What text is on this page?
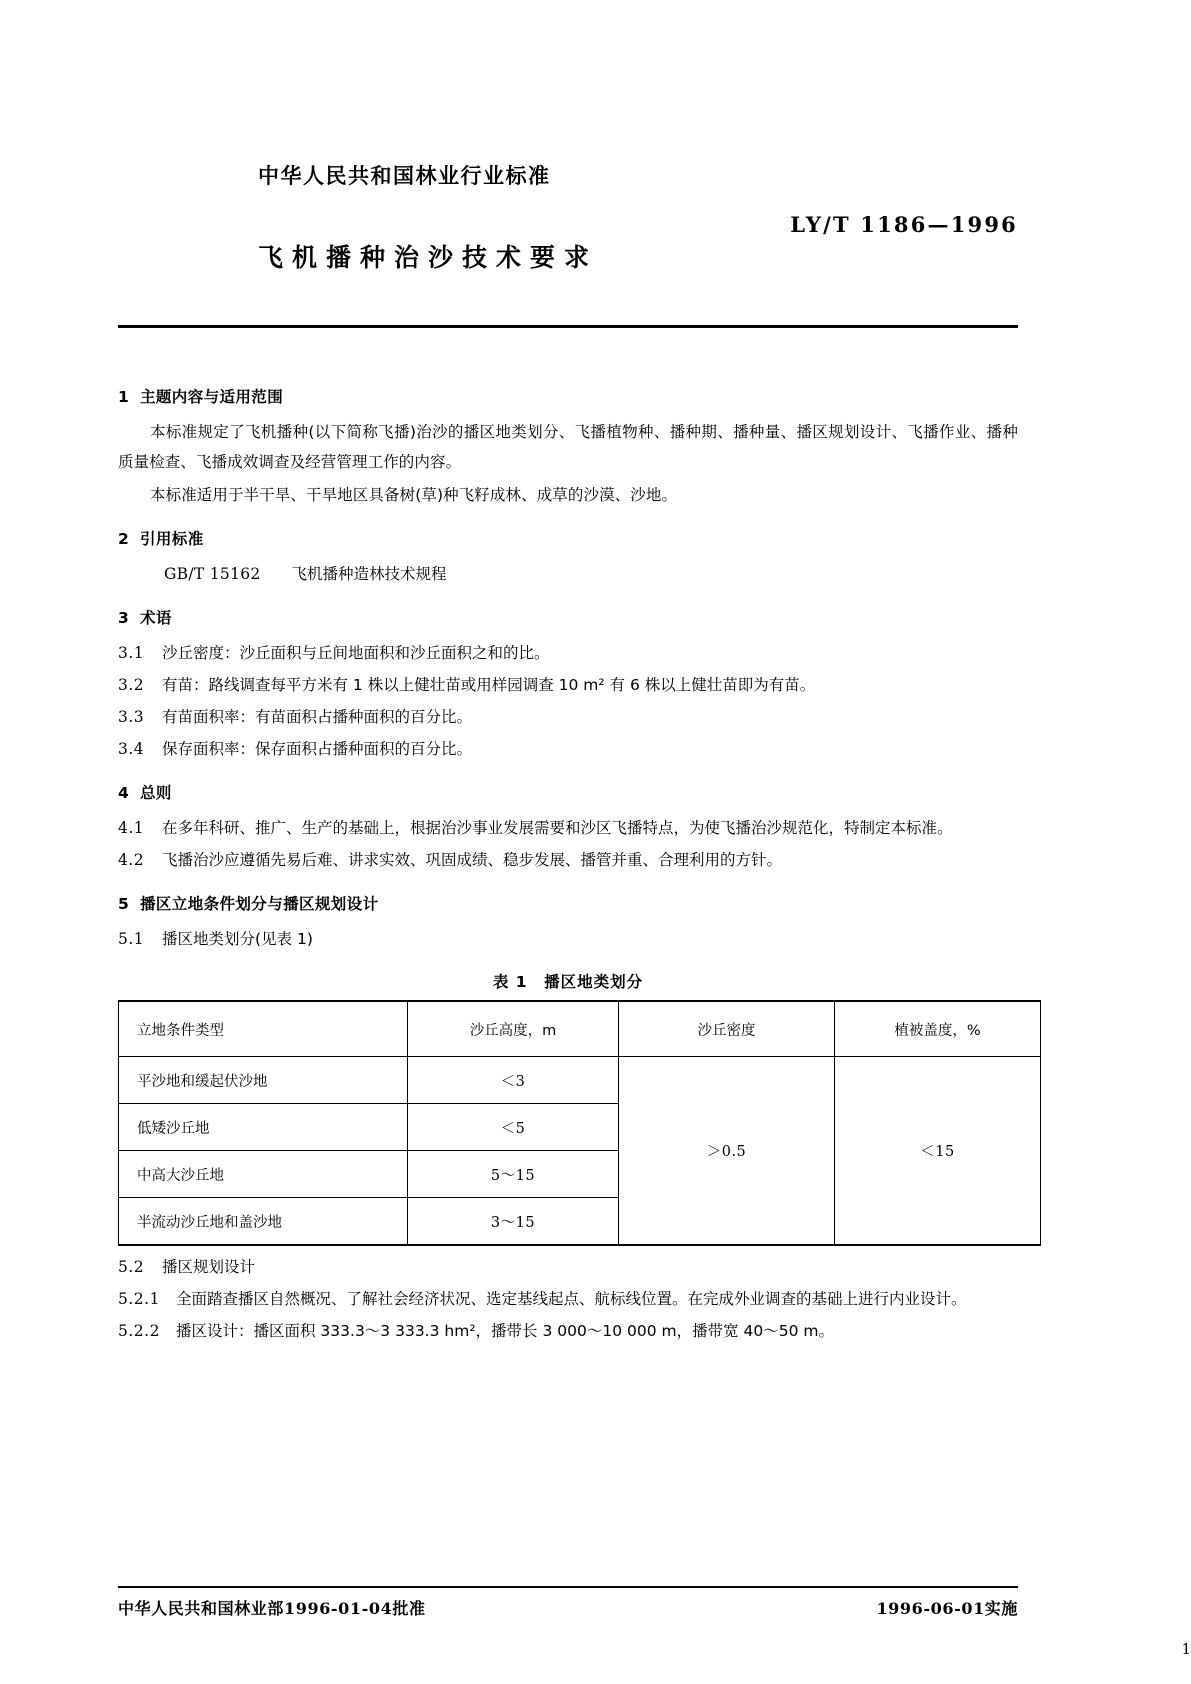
中华人民共和国林业行业标准
LY/T 1186—1996
飞机播种治沙技术要求
1 主题内容与适用范围
本标准规定了飞机播种(以下简称飞播)治沙的播区地类划分、飞播植物种、播种期、播种量、播区规划设计、飞播作业、播种质量检查、飞播成效调查及经营管理工作的内容。
本标准适用于半干旱、干旱地区具备树(草)种飞籽成林、成草的沙漠、沙地。
2 引用标准
GB/T 15162 飞机播种造林技术规程
3 术语
3.1 沙丘密度：沙丘面积与丘间地面积和沙丘面积之和的比。
3.2 有苗：路线调查每平方米有 1 株以上健壮苗或用样园调查 10 m² 有 6 株以上健壮苗即为有苗。
3.3 有苗面积率：有苗面积占播种面积的百分比。
3.4 保存面积率：保存面积占播种面积的百分比。
4 总则
4.1 在多年科研、推广、生产的基础上，根据治沙事业发展需要和沙区飞播特点，为使飞播治沙规范化，特制定本标准。
4.2 飞播治沙应遵循先易后难、讲求实效、巩固成绩、稳步发展、播管并重、合理利用的方针。
5 播区立地条件划分与播区规划设计
5.1 播区地类划分(见表 1)
表 1　播区地类划分
立地条件类型	沙丘高度，m	沙丘密度	植被盖度，%
平沙地和缓起伏沙地	＜3	＞0.5	＜15
低矮沙丘地	＜5		
中高大沙丘地	5～15		
半流动沙丘地和盖沙地	3～15		
5.2 播区规划设计
5.2.1 全面踏查播区自然概况、了解社会经济状况、选定基线起点、航标线位置。在完成外业调查的基础上进行内业设计。
5.2.2 播区设计：播区面积 333.3～3 333.3 hm²，播带长 3 000～10 000 m，播带宽 40～50 m。
中华人民共和国林业部1996-01-04批准	1996-06-01实施
1
